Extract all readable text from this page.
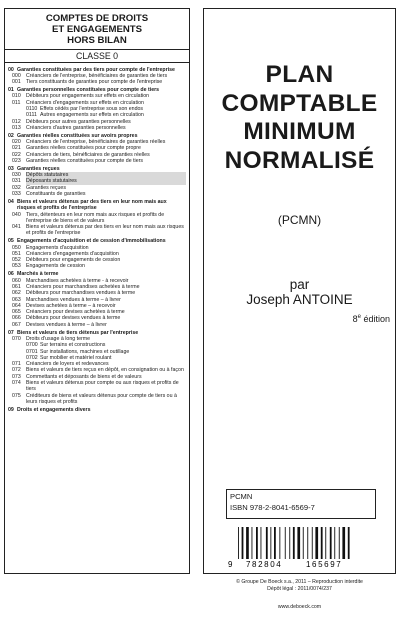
COMPTES DE DROITS
ET ENGAGEMENTS
HORS BILAN
CLASSE 0
00 Garanties constituées par des tiers pour compte de l'entreprise
000 Créanciers de l'entreprise, bénéficiaires de garanties de tiers
001 Tiers constituants de garanties pour compte de l'entreprise
01 Garanties personnelles constituées pour compte de tiers
010 Débiteurs pour engagements sur effets en circulation
011	Créanciers d'engagements sur effets en circulation
0110 Effets cédés par l'entreprise sous son endos
0111 Autres engagements sur effets en circulation
012 Débiteurs pour autres garanties personnelles
013 Créanciers d'autres garanties personnelles
02 Garanties réelles constituées sur avoirs propres
020 Créanciers de l'entreprise, bénéficiaires de garanties réelles
021 Garanties réelles constituées pour compte propre
022 Créanciers de tiers, bénéficiaires de garanties réelles
023 Garanties réelles constituées pour compte de tiers
03 Garanties reçues
030 Dépôts statutaires
031 Déposants statutaires
032 Garanties reçues
033 Constituants de garanties
04 Biens et valeurs détenus par des tiers en leur nom mais aux risques et profits de l'entreprise
040 Tiers, détenteurs en leur nom mais aux risques et profits de l'entreprise de biens et de valeurs
041 Biens et valeurs détenus par des tiers en leur nom mais aux risques et profits de l'entreprise
05 Engagements d'acquisition et de cession d'immobilisations
050 Engagements d'acquisition
051 Créanciers d'engagements d'acquisition
052 Débiteurs pour engagements de cession
053 Engagements de cession
06 Marchés à terme
060 Marchandises achetées à terme - à recevoir
061 Créanciers pour marchandises achetées à terme
062 Débiteurs pour marchandises vendues à terme
063 Marchandises vendues à terme – à livrer
064 Devises achetées à terme – à recevoir
065 Créanciers pour devises achetées à terme
066 Débiteurs pour devises vendues à terme
067 Devises vendues à terme – à livrer
07 Biens et valeurs de tiers détenus par l'entreprise
070 Droits d'usage à long terme
0700 Sur terrains et constructions
0701 Sur installations, machines et outillage
0702 Sur mobilier et matériel roulant
071 Créanciers de loyers et redevances
072 Biens et valeurs de tiers reçus en dépôt, en consignation ou à façon
073 Commettants et déposants de biens et de valeurs
074 Biens et valeurs détenus pour compte ou aux risques et profits de tiers
075 Créditeurs de biens et valeurs détenus pour compte de tiers ou à leurs risques et profits
09 Droits et engagements divers
PLAN
COMPTABLE
MINIMUM
NORMALISÉ
(PCMN)
par
Joseph ANTOINE
8e édition
PCMN
ISBN 978-2-8041-6569-7
9 782804	165697
© Groupe De Boeck s.a., 2011 – Reproduction interdite
Dépôt légal : 2011/0074/237
www.deboeck.com
